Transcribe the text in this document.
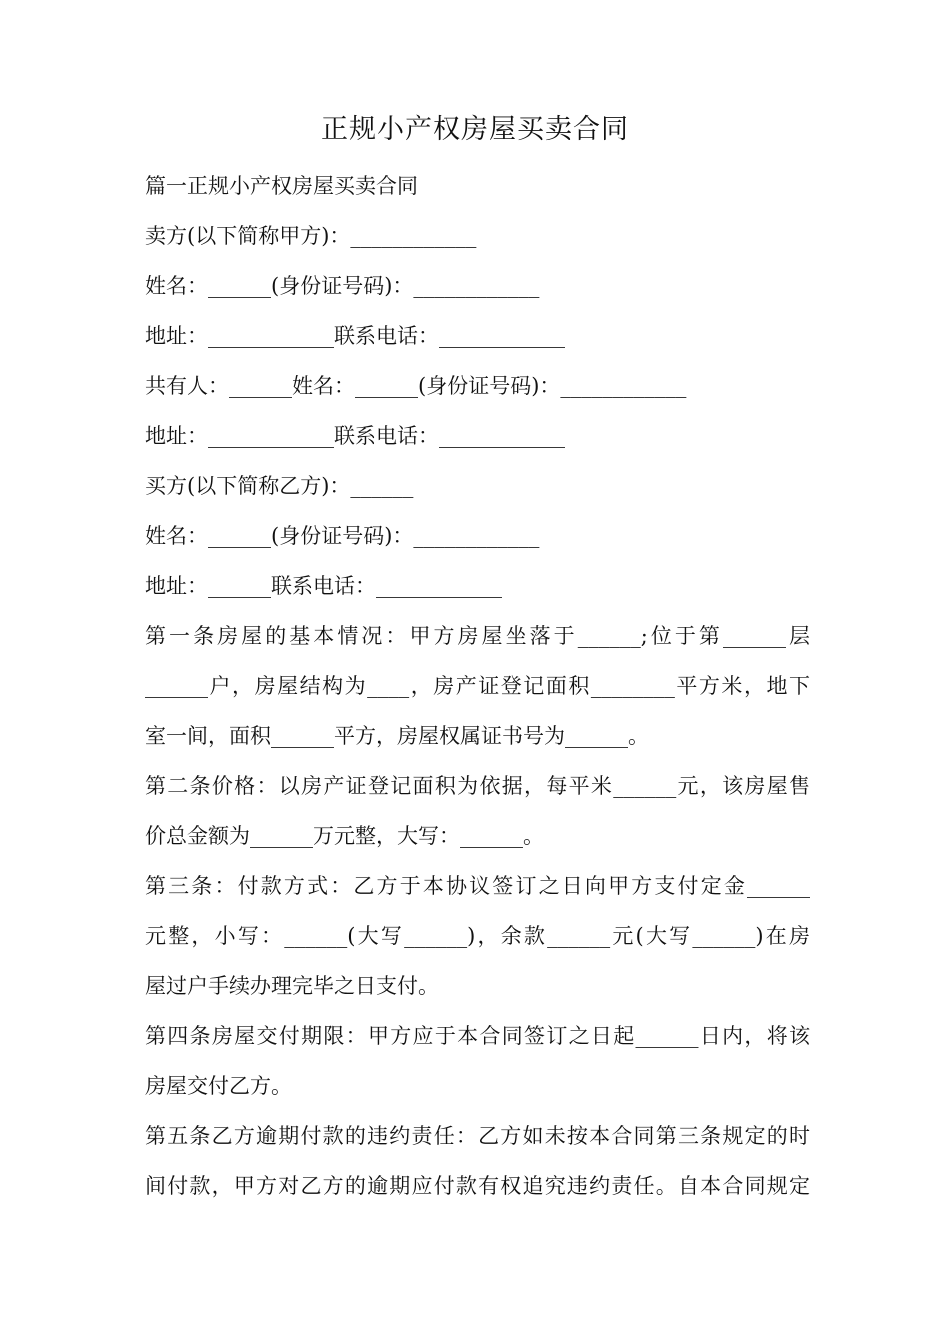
正规小产权房屋买卖合同
篇一正规小产权房屋买卖合同
卖方(以下简称甲方)：____________
姓名：______(身份证号码)：____________
地址：____________联系电话：____________
共有人：______姓名：______(身份证号码)：____________
地址：____________联系电话：____________
买方(以下简称乙方)：______
姓名：______(身份证号码)：____________
地址：______联系电话：____________
第一条房屋的基本情况：甲方房屋坐落于______;位于第______层
______户，房屋结构为____，房产证登记面积________平方米，地下
室一间，面积______平方，房屋权属证书号为______。
第二条价格：以房产证登记面积为依据，每平米______元，该房屋售
价总金额为______万元整，大写：______。
第三条：付款方式：乙方于本协议签订之日向甲方支付定金______
元整，小写：______(大写______)，余款______元(大写______)在房
屋过户手续办理完毕之日支付。
第四条房屋交付期限：甲方应于本合同签订之日起______日内，将该
房屋交付乙方。
第五条乙方逾期付款的违约责任：乙方如未按本合同第三条规定的时
间付款，甲方对乙方的逾期应付款有权追究违约责任。自本合同规定
